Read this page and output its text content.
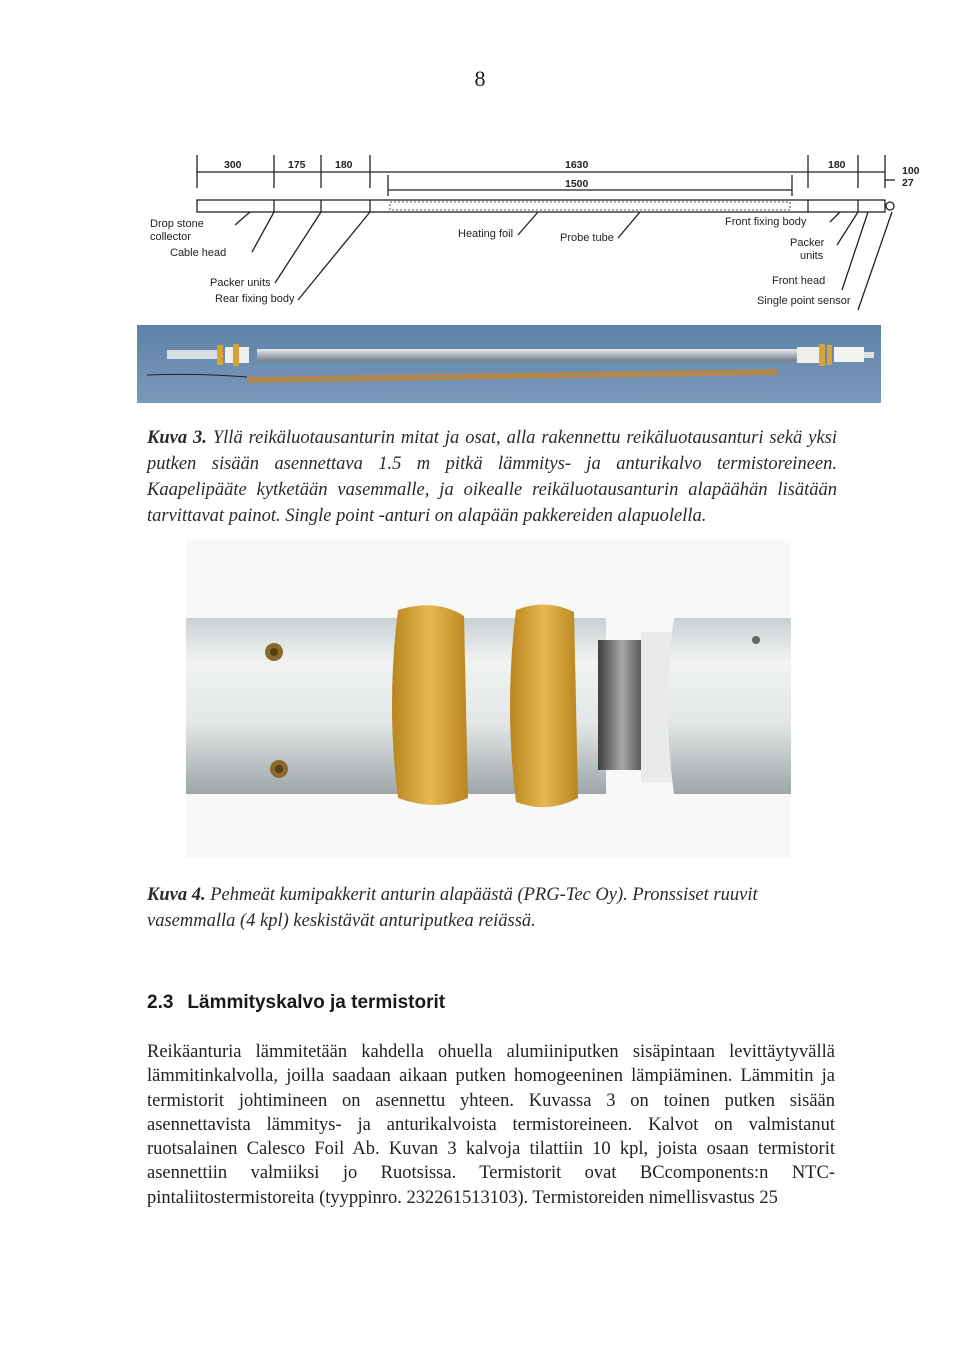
8
300	175	180	1630
1500
180	100
27
Drop stone
collector
Cable head
Packer units
Rear fixing body
Heating foil	Probe tube
Front fixing body
Packer
units
Front head
Single point sensor
Kuva 3. Yllä reikäluotausanturin mitat ja osat, alla rakennettu reikäluotausanturi sekä yksi putken sisään asennettava 1.5 m pitkä lämmitys- ja anturikalvo termistoreineen. Kaapelipääte kytketään vasemmalle, ja oikealle reikäluotausanturin alapäähän lisätään tarvittavat painot. Single point -anturi on alapään pakkereiden alapuolella.
Kuva 4. Pehmeät kumipakkerit anturin alapäästä (PRG-Tec Oy). Pronssiset ruuvit vasemmalla (4 kpl) keskistävät anturiputkea reiässä.
2.3 Lämmityskalvo ja termistorit
Reikäanturia lämmitetään kahdella ohuella alumiiniputken sisäpintaan levittäytyvällä lämmitinkalvolla, joilla saadaan aikaan putken homogeeninen lämpiäminen. Lämmitin ja termistorit johtimineen on asennettu yhteen. Kuvassa 3 on toinen putken sisään asennettavista lämmitys- ja anturikalvoista termistoreineen. Kalvot on valmistanut ruotsalainen Calesco Foil Ab. Kuvan 3 kalvoja tilattiin 10 kpl, joista osaan termistorit asennettiin valmiiksi jo Ruotsissa. Termistorit ovat BCcomponents:n NTC-pintaliitostermistoreita (tyyppinro. 232261513103). Termistoreiden nimellisvastus 25
